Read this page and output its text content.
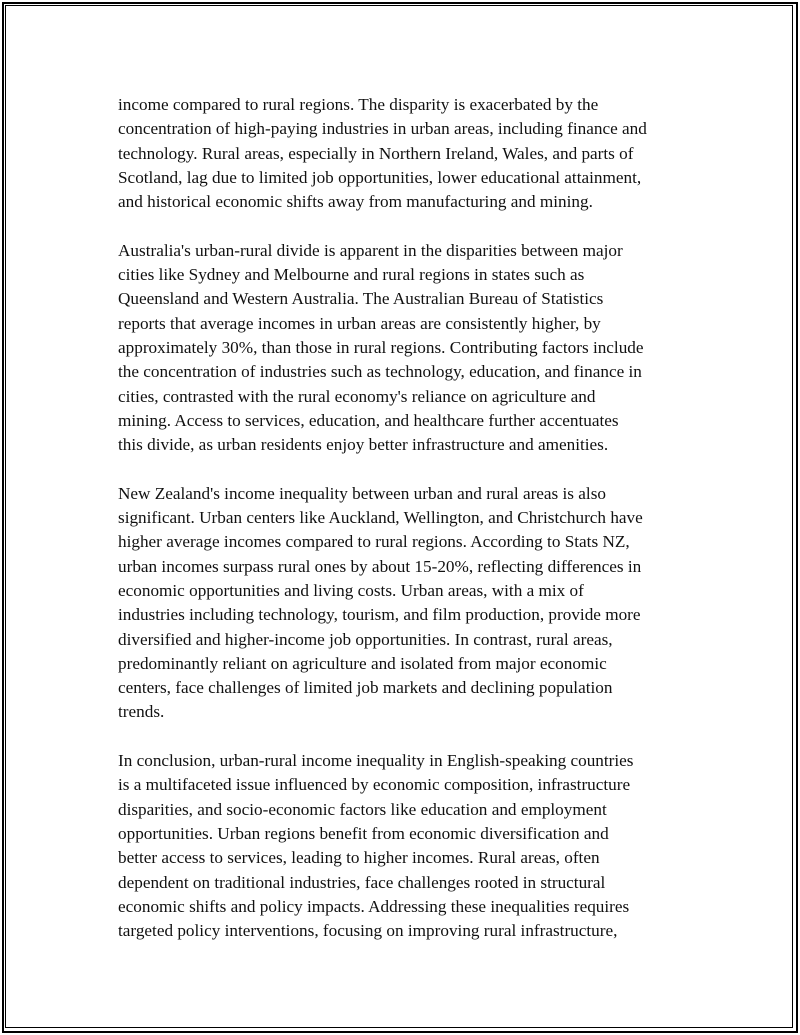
income compared to rural regions. The disparity is exacerbated by the
concentration of high-paying industries in urban areas, including finance and
technology. Rural areas, especially in Northern Ireland, Wales, and parts of
Scotland, lag due to limited job opportunities, lower educational attainment,
and historical economic shifts away from manufacturing and mining.

Australia's urban-rural divide is apparent in the disparities between major
cities like Sydney and Melbourne and rural regions in states such as
Queensland and Western Australia. The Australian Bureau of Statistics
reports that average incomes in urban areas are consistently higher, by
approximately 30%, than those in rural regions. Contributing factors include
the concentration of industries such as technology, education, and finance in
cities, contrasted with the rural economy's reliance on agriculture and
mining. Access to services, education, and healthcare further accentuates
this divide, as urban residents enjoy better infrastructure and amenities.

New Zealand's income inequality between urban and rural areas is also
significant. Urban centers like Auckland, Wellington, and Christchurch have
higher average incomes compared to rural regions. According to Stats NZ,
urban incomes surpass rural ones by about 15-20%, reflecting differences in
economic opportunities and living costs. Urban areas, with a mix of
industries including technology, tourism, and film production, provide more
diversified and higher-income job opportunities. In contrast, rural areas,
predominantly reliant on agriculture and isolated from major economic
centers, face challenges of limited job markets and declining population
trends.

In conclusion, urban-rural income inequality in English-speaking countries
is a multifaceted issue influenced by economic composition, infrastructure
disparities, and socio-economic factors like education and employment
opportunities. Urban regions benefit from economic diversification and
better access to services, leading to higher incomes. Rural areas, often
dependent on traditional industries, face challenges rooted in structural
economic shifts and policy impacts. Addressing these inequalities requires
targeted policy interventions, focusing on improving rural infrastructure,
